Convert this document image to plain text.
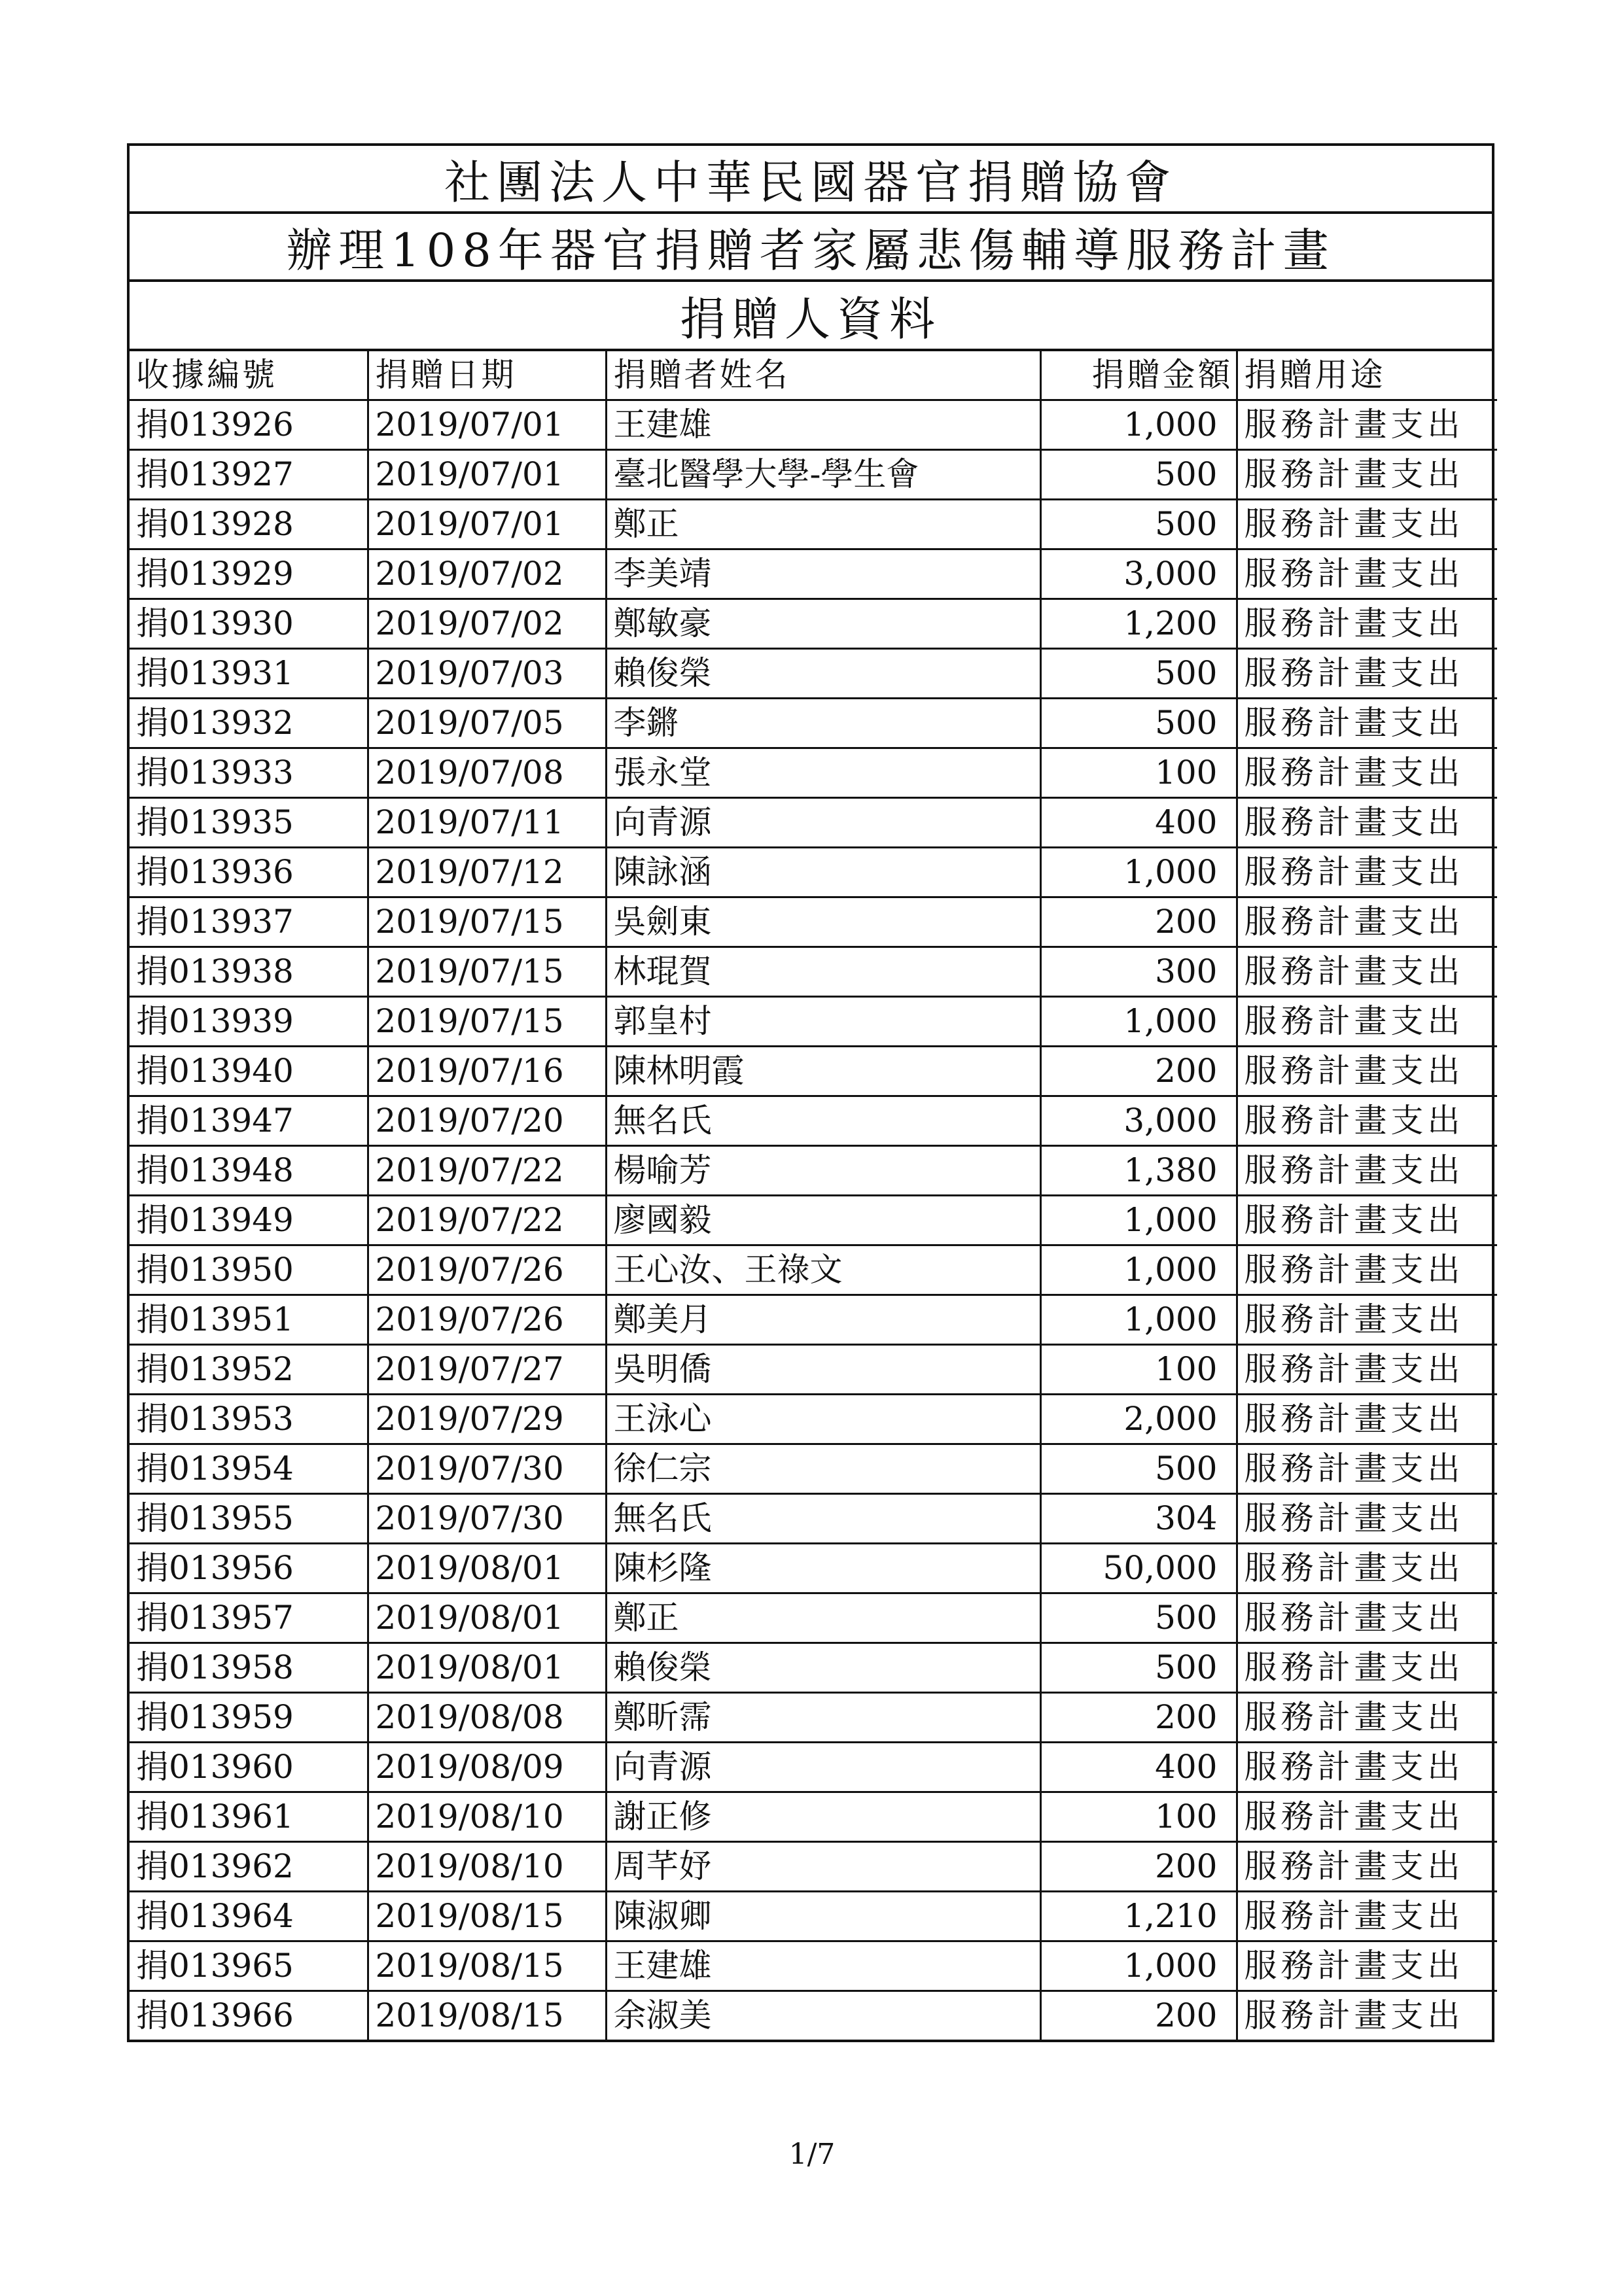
社團法人中華民國器官捐贈協會
辦理108年器官捐贈者家屬悲傷輔導服務計畫
捐贈人資料
收據編號	捐贈日期	捐贈者姓名	捐贈金額	捐贈用途
捐013926	2019/07/01	王建雄	1,000	服務計畫支出
捐013927	2019/07/01	臺北醫學大學-學生會	500	服務計畫支出
捐013928	2019/07/01	鄭正	500	服務計畫支出
捐013929	2019/07/02	李美靖	3,000	服務計畫支出
捐013930	2019/07/02	鄭敏豪	1,200	服務計畫支出
捐013931	2019/07/03	賴俊榮	500	服務計畫支出
捐013932	2019/07/05	李鏘	500	服務計畫支出
捐013933	2019/07/08	張永堂	100	服務計畫支出
捐013935	2019/07/11	向青源	400	服務計畫支出
捐013936	2019/07/12	陳詠涵	1,000	服務計畫支出
捐013937	2019/07/15	吳劍東	200	服務計畫支出
捐013938	2019/07/15	林琨賀	300	服務計畫支出
捐013939	2019/07/15	郭皇村	1,000	服務計畫支出
捐013940	2019/07/16	陳林明霞	200	服務計畫支出
捐013947	2019/07/20	無名氏	3,000	服務計畫支出
捐013948	2019/07/22	楊喻芳	1,380	服務計畫支出
捐013949	2019/07/22	廖國毅	1,000	服務計畫支出
捐013950	2019/07/26	王心汝、王祿文	1,000	服務計畫支出
捐013951	2019/07/26	鄭美月	1,000	服務計畫支出
捐013952	2019/07/27	吳明僑	100	服務計畫支出
捐013953	2019/07/29	王泳心	2,000	服務計畫支出
捐013954	2019/07/30	徐仁宗	500	服務計畫支出
捐013955	2019/07/30	無名氏	304	服務計畫支出
捐013956	2019/08/01	陳杉隆	50,000	服務計畫支出
捐013957	2019/08/01	鄭正	500	服務計畫支出
捐013958	2019/08/01	賴俊榮	500	服務計畫支出
捐013959	2019/08/08	鄭昕霈	200	服務計畫支出
捐013960	2019/08/09	向青源	400	服務計畫支出
捐013961	2019/08/10	謝正修	100	服務計畫支出
捐013962	2019/08/10	周芊妤	200	服務計畫支出
捐013964	2019/08/15	陳淑卿	1,210	服務計畫支出
捐013965	2019/08/15	王建雄	1,000	服務計畫支出
捐013966	2019/08/15	余淑美	200	服務計畫支出
1/7
